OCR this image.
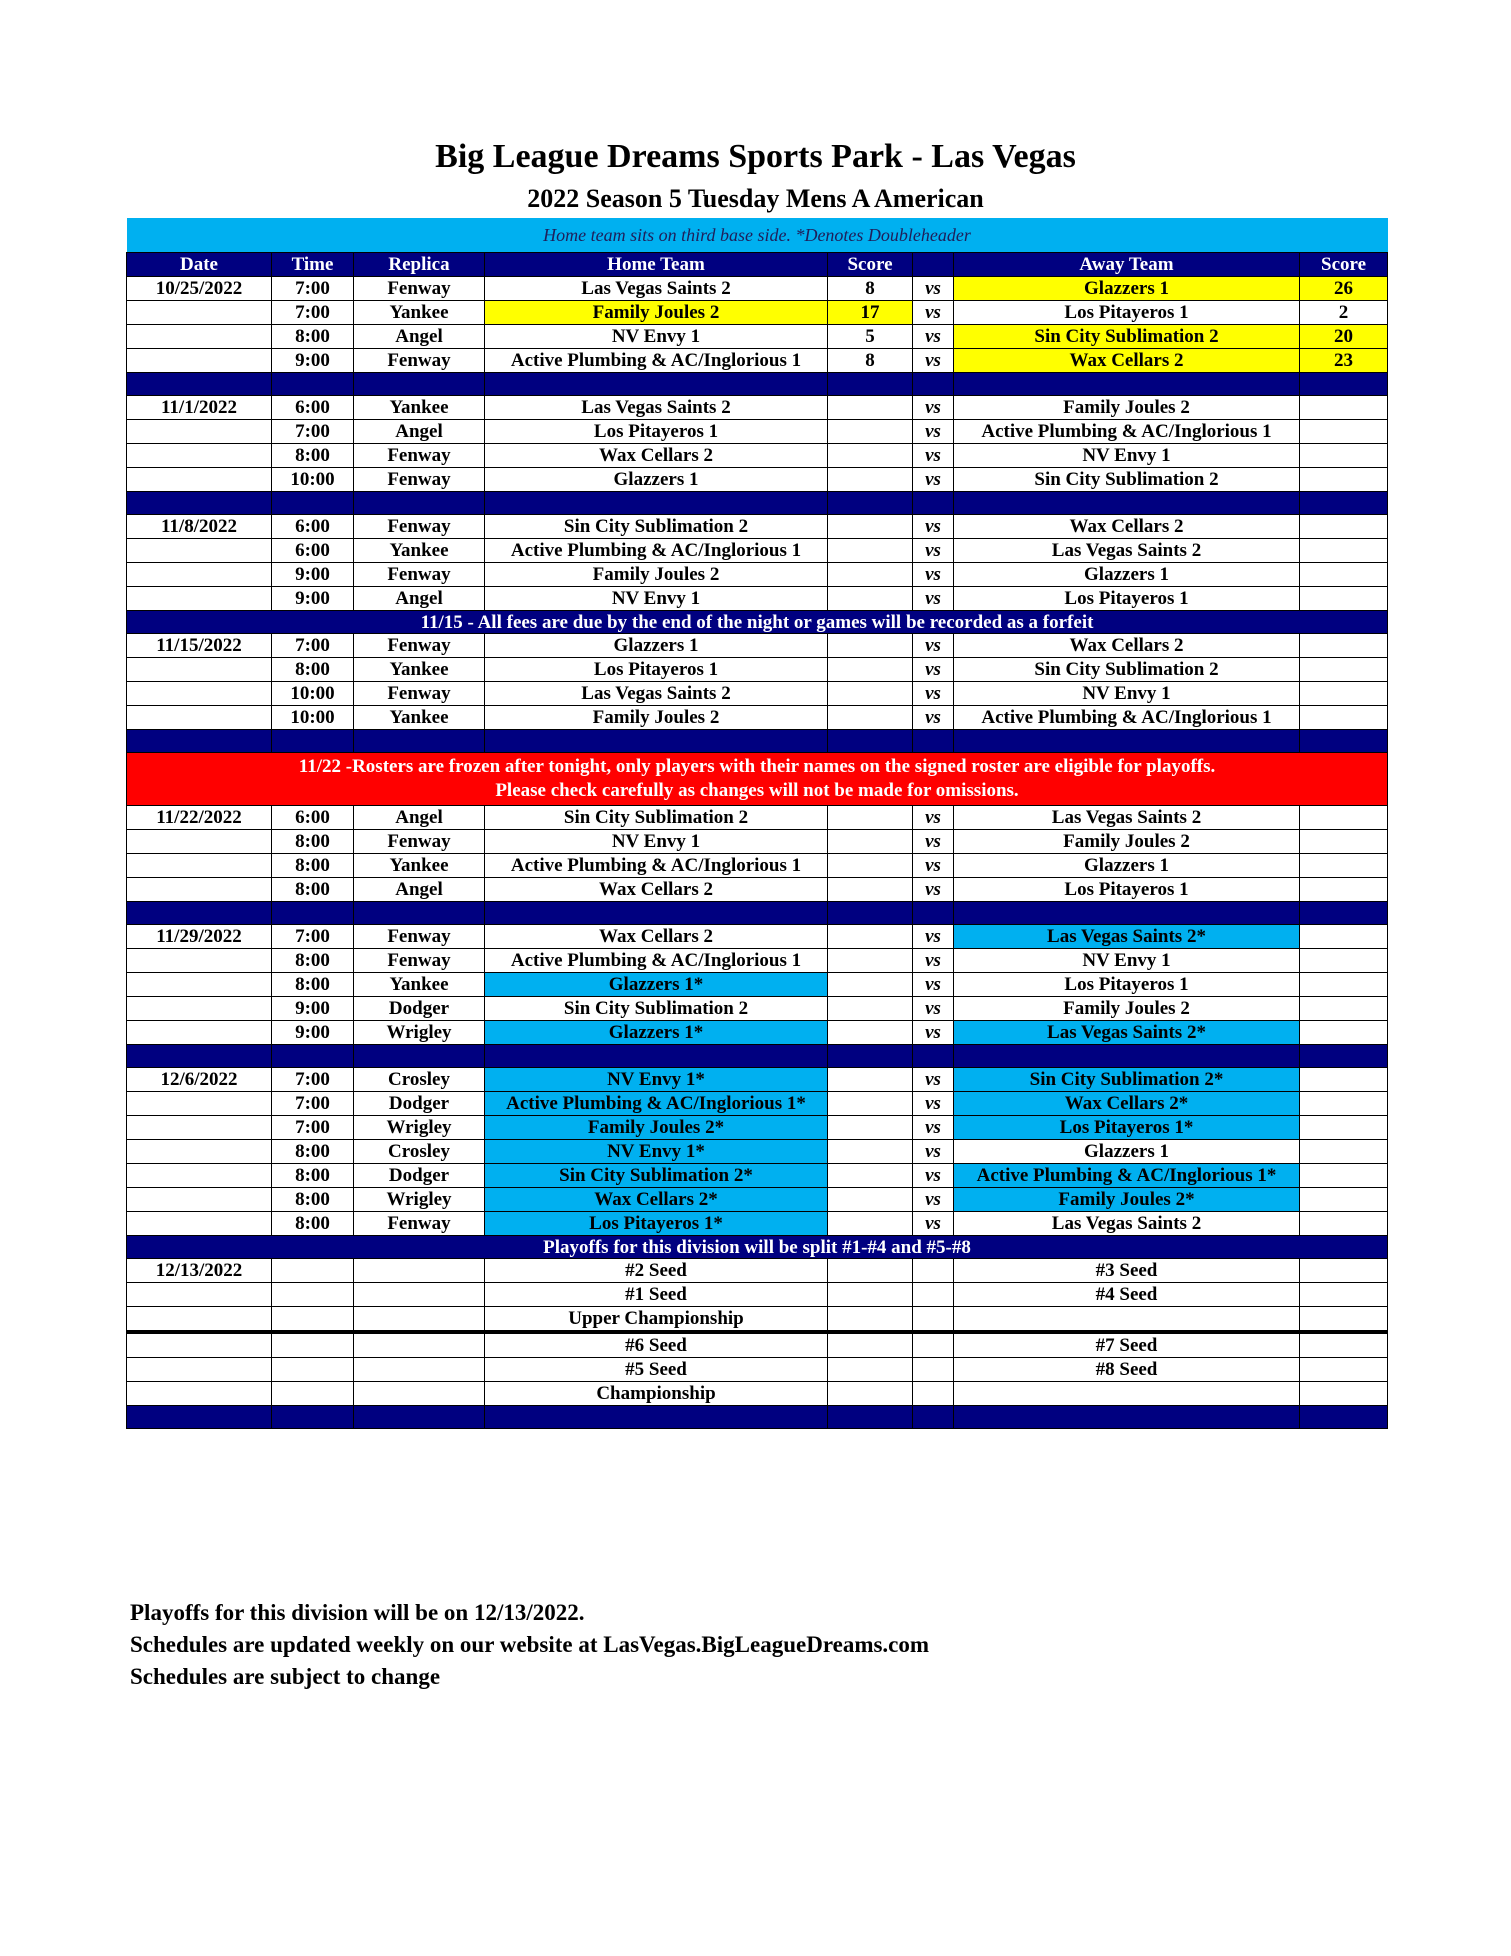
Big League Dreams Sports Park - Las Vegas
2022 Season 5 Tuesday Mens A American
Home team sits on third base side. *Denotes Doubleheader							
Date	Time	Replica	Home Team	Score		Away Team	Score
10/25/2022	7:00	Fenway	Las Vegas Saints 2	8	vs	Glazzers 1	26
	7:00	Yankee	Family Joules 2	17	vs	Los Pitayeros 1	2
	8:00	Angel	NV Envy 1	5	vs	Sin City Sublimation 2	20
	9:00	Fenway	Active Plumbing & AC/Inglorious 1	8	vs	Wax Cellars 2	23

11/1/2022	6:00	Yankee	Las Vegas Saints 2		vs	Family Joules 2	
	7:00	Angel	Los Pitayeros 1		vs	Active Plumbing & AC/Inglorious 1	
	8:00	Fenway	Wax Cellars 2		vs	NV Envy 1	
	10:00	Fenway	Glazzers 1		vs	Sin City Sublimation 2	

11/8/2022	6:00	Fenway	Sin City Sublimation 2		vs	Wax Cellars 2	
	6:00	Yankee	Active Plumbing & AC/Inglorious 1		vs	Las Vegas Saints 2	
	9:00	Fenway	Family Joules 2		vs	Glazzers 1	
	9:00	Angel	NV Envy 1		vs	Los Pitayeros 1	
11/15 - All fees are due by the end of the night or games will be recorded as a forfeit							
11/15/2022	7:00	Fenway	Glazzers 1		vs	Wax Cellars 2	
	8:00	Yankee	Los Pitayeros 1		vs	Sin City Sublimation 2	
	10:00	Fenway	Las Vegas Saints 2		vs	NV Envy 1	
	10:00	Yankee	Family Joules 2		vs	Active Plumbing & AC/Inglorious 1	

11/22 -Rosters are frozen after tonight, only players with their names on the signed roster are eligible for playoffs.
Please check carefully as changes will not be made for omissions.							

11/22/2022	6:00	Angel	Sin City Sublimation 2		vs	Las Vegas Saints 2	
	8:00	Fenway	NV Envy 1		vs	Family Joules 2	
	8:00	Yankee	Active Plumbing & AC/Inglorious 1		vs	Glazzers 1	
	8:00	Angel	Wax Cellars 2		vs	Los Pitayeros 1	

11/29/2022	7:00	Fenway	Wax Cellars 2		vs	Las Vegas Saints 2*	
	8:00	Fenway	Active Plumbing & AC/Inglorious 1		vs	NV Envy 1	
	8:00	Yankee	Glazzers 1*		vs	Los Pitayeros 1	
	9:00	Dodger	Sin City Sublimation 2		vs	Family Joules 2	
	9:00	Wrigley	Glazzers 1*		vs	Las Vegas Saints 2*	

12/6/2022	7:00	Crosley	NV Envy 1*		vs	Sin City Sublimation 2*	
	7:00	Dodger	Active Plumbing & AC/Inglorious 1*		vs	Wax Cellars 2*	
	7:00	Wrigley	Family Joules 2*		vs	Los Pitayeros 1*	
	8:00	Crosley	NV Envy 1*		vs	Glazzers 1	
	8:00	Dodger	Sin City Sublimation 2*		vs	Active Plumbing & AC/Inglorious 1*	
	8:00	Wrigley	Wax Cellars 2*		vs	Family Joules 2*	
	8:00	Fenway	Los Pitayeros 1*		vs	Las Vegas Saints 2	
Playoffs for this division will be split #1-#4 and #5-#8							
12/13/2022			#2 Seed			#3 Seed	
			#1 Seed			#4 Seed	
			Upper Championship				
			#6 Seed			#7 Seed	
			#5 Seed			#8 Seed	
			Championship				

Playoffs for this division will be on 12/13/2022.
Schedules are updated weekly on our website at LasVegas.BigLeagueDreams.com
Schedules are subject to change
